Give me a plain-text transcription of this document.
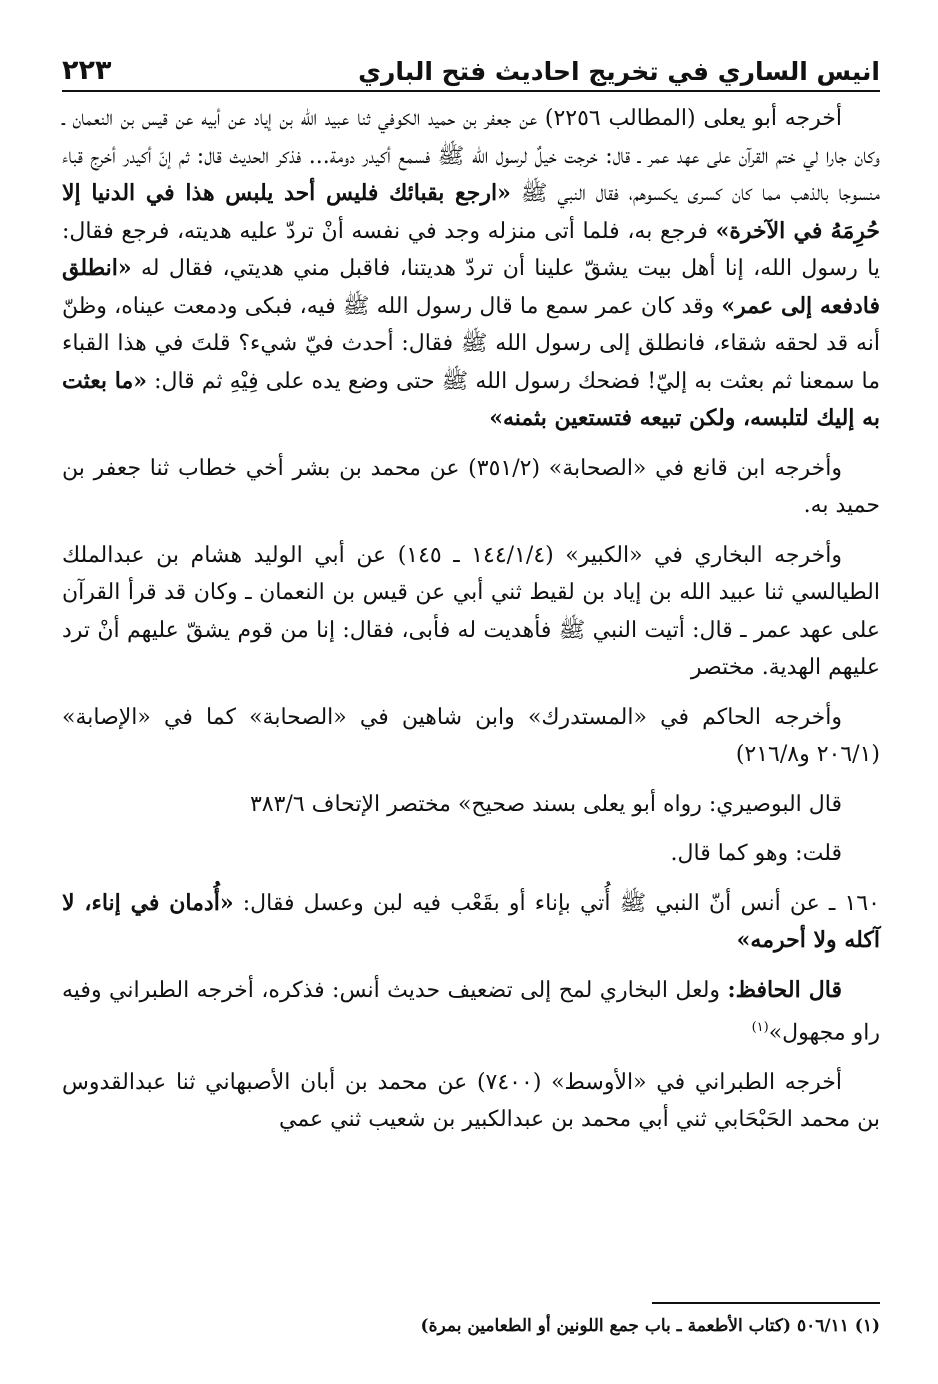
انيس الساري في تخريج احاديث فتح الباري
٢٢٣

أخرجه أبو يعلى (المطالب ٢٢٥٦) عن جعفر بن حميد الكوفي ثنا عبيد الله بن إياد عن أبيه عن قيس بن النعمان ـ وكان جارا لي ختم القرآن على عهد عمر ـ قال: خرجت خيلٌ لرسول الله ﷺ فسمع أكيدر دومة... فذكر الحديث قال: ثم إنّ أكيدر أخرج قباء منسوجا بالذهب مما كان كسرى يكسوهم، فقال النبي ﷺ «ارجع بقبائك فليس أحد يلبس هذا في الدنيا إلا حُرِمَهُ في الآخرة» فرجع به، فلما أتى منزله وجد في نفسه أنْ تردّ عليه هديته، فرجع فقال: يا رسول الله، إنا أهل بيت يشقّ علينا أن تردّ هديتنا، فاقبل مني هديتي، فقال له «انطلق فادفعه إلى عمر» وقد كان عمر سمع ما قال رسول الله ﷺ فيه، فبكى ودمعت عيناه، وظنّ أنه قد لحقه شقاء، فانطلق إلى رسول الله ﷺ فقال: أحدث فيّ شيء؟ قلتَ في هذا القباء ما سمعنا ثم بعثت به إليّ! فضحك رسول الله ﷺ حتى وضع يده على فِيْهِ ثم قال: «ما بعثت به إليك لتلبسه، ولكن تبيعه فتستعين بثمنه»

وأخرجه ابن قانع في «الصحابة» (٣٥١/٢) عن محمد بن بشر أخي خطاب ثنا جعفر بن حميد به.

وأخرجه البخاري في «الكبير» (١٤٤/١/٤ ـ ١٤٥) عن أبي الوليد هشام بن عبدالملك الطيالسي ثنا عبيد الله بن إياد بن لقيط ثني أبي عن قيس بن النعمان ـ وكان قد قرأ القرآن على عهد عمر ـ قال: أتيت النبي ﷺ فأهديت له فأبى، فقال: إنا من قوم يشقّ عليهم أنْ ترد عليهم الهدية. مختصر

وأخرجه الحاكم في «المستدرك» وابن شاهين في «الصحابة» كما في «الإصابة» (٢٠٦/١ و٢١٦/٨)

قال البوصيري: رواه أبو يعلى بسند صحيح» مختصر الإتحاف ٣٨٣/٦

قلت: وهو كما قال.

١٦٠ ـ عن أنس أنّ النبي ﷺ أُتي بإناء أو بقَعْب فيه لبن وعسل فقال: «أُدمان في إناء، لا آكله ولا أحرمه»

قال الحافظ: ولعل البخاري لمح إلى تضعيف حديث أنس: فذكره، أخرجه الطبراني وفيه راو مجهول»$^{(١)}$

أخرجه الطبراني في «الأوسط» (٧٤٠٠) عن محمد بن أبان الأصبهاني ثنا عبدالقدوس بن محمد الحَبْحَابي ثني أبي محمد بن عبدالكبير بن شعيب ثني عمي

(١) ٥٠٦/١١ (كتاب الأطعمة ـ باب جمع اللونين أو الطعامين بمرة)
